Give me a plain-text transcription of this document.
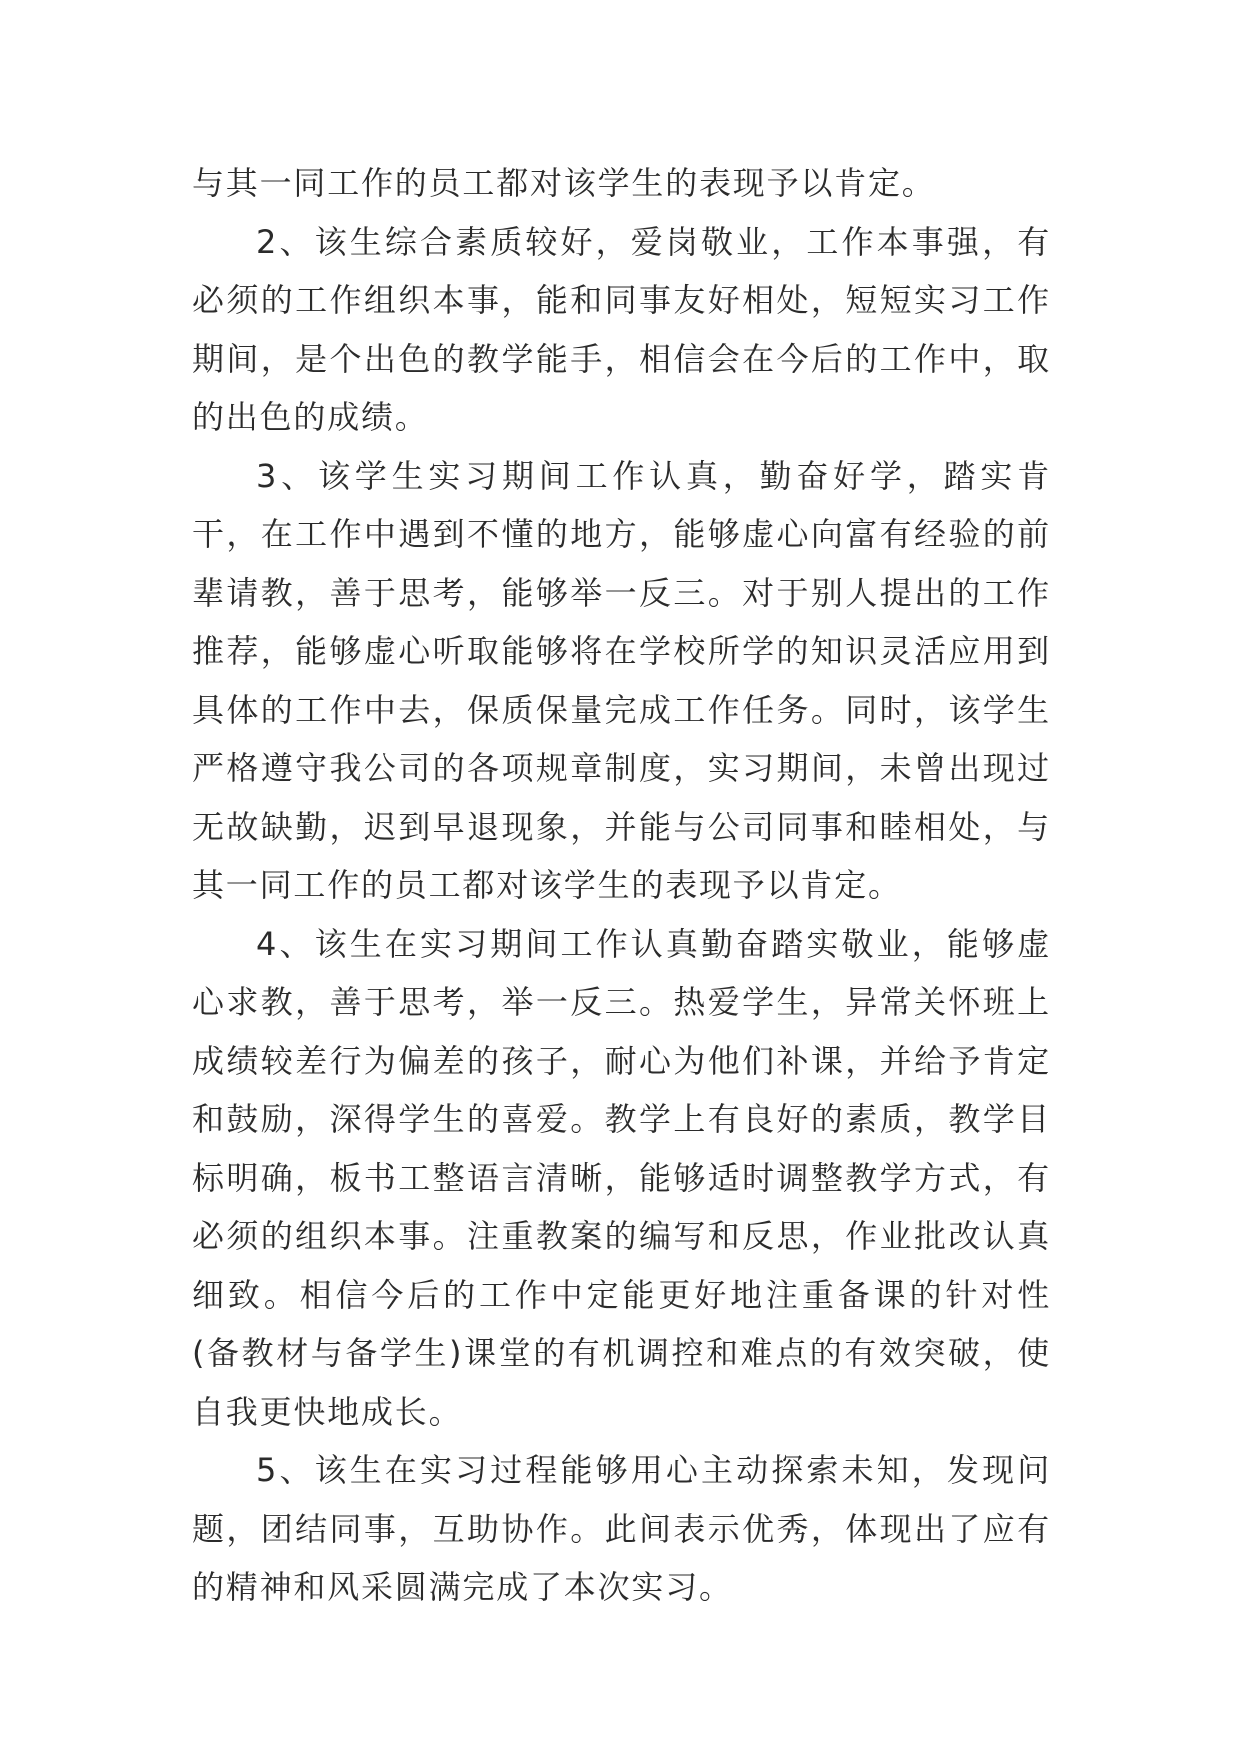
与其一同工作的员工都对该学生的表现予以肯定。

2、该生综合素质较好，爱岗敬业，工作本事强，有必须的工作组织本事，能和同事友好相处，短短实习工作期间，是个出色的教学能手，相信会在今后的工作中，取的出色的成绩。

3、该学生实习期间工作认真，勤奋好学，踏实肯干，在工作中遇到不懂的地方，能够虚心向富有经验的前辈请教，善于思考，能够举一反三。对于别人提出的工作推荐，能够虚心听取能够将在学校所学的知识灵活应用到具体的工作中去，保质保量完成工作任务。同时，该学生严格遵守我公司的各项规章制度，实习期间，未曾出现过无故缺勤，迟到早退现象，并能与公司同事和睦相处，与其一同工作的员工都对该学生的表现予以肯定。

4、该生在实习期间工作认真勤奋踏实敬业，能够虚心求教，善于思考，举一反三。热爱学生，异常关怀班上成绩较差行为偏差的孩子，耐心为他们补课，并给予肯定和鼓励，深得学生的喜爱。教学上有良好的素质，教学目标明确，板书工整语言清晰，能够适时调整教学方式，有必须的组织本事。注重教案的编写和反思，作业批改认真细致。相信今后的工作中定能更好地注重备课的针对性(备教材与备学生)课堂的有机调控和难点的有效突破，使自我更快地成长。

5、该生在实习过程能够用心主动探索未知，发现问题，团结同事，互助协作。此间表示优秀，体现出了应有的精神和风采圆满完成了本次实习。
